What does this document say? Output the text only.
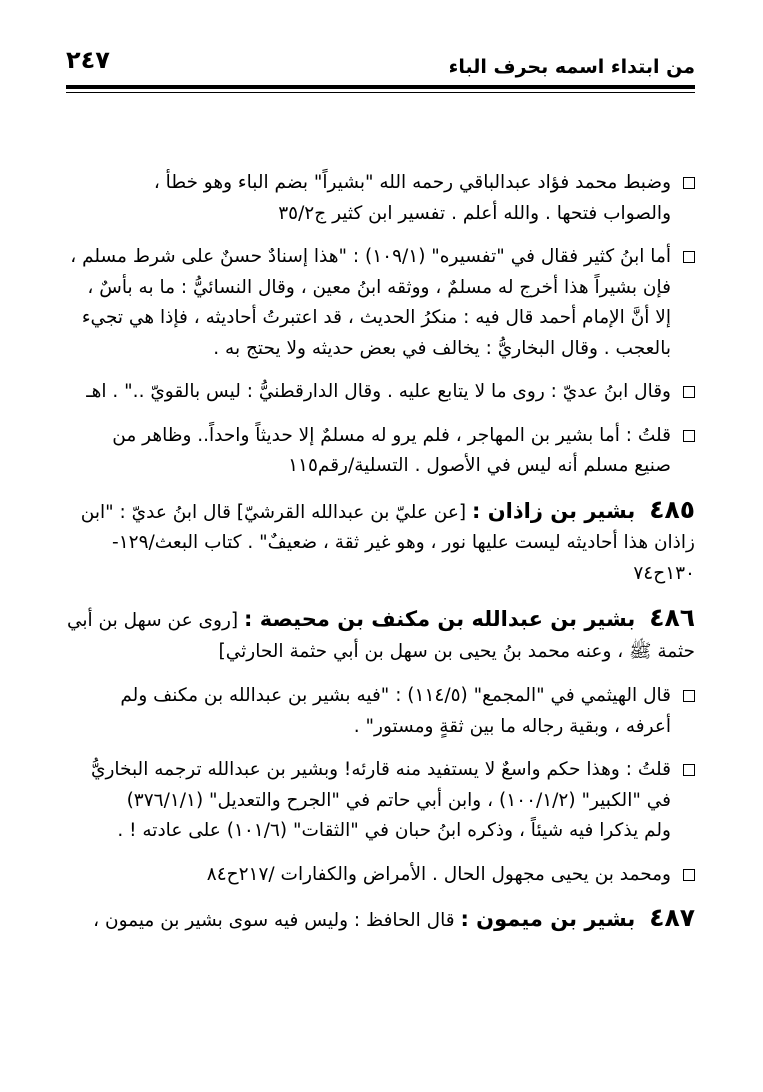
من ابتداء اسمه بحرف الباء
٢٤٧
وضبط محمد فؤاد عبدالباقي رحمه الله "بشيراً" بضم الباء وهو خطأ ،
والصواب فتحها . والله أعلم . تفسير ابن كثير ج٣٥/٢
أما ابنُ كثير فقال في "تفسيره" (١٠٩/١) : "هذا إسنادٌ حسنٌ على شرط مسلم ،
فإن بشيراً هذا أخرج له مسلمٌ ، ووثقه ابنُ معين ، وقال النسائيُّ : ما به بأسٌ ،
إلا أنَّ الإمام أحمد قال فيه : منكرُ الحديث ، قد اعتبرتُ أحاديثه ، فإذا هي تجيء
بالعجب . وقال البخاريُّ : يخالف في بعض حديثه ولا يحتج به .
وقال ابنُ عديّ : روى ما لا يتابع عليه . وقال الدارقطنيُّ : ليس بالقويّ .." . اهـ
قلتُ : أما بشير بن المهاجر ، فلم يرو له مسلمٌ إلا حديثاً واحداً.. وظاهر من
صنيع مسلم أنه ليس في الأصول . التسلية/رقم١١٥
٤٨٥بشير بن زاذان : [عن عليّ بن عبدالله القرشيّ] قال ابنُ عديّ : "ابن
زاذان هذا أحاديثه ليست عليها نور ، وهو غير ثقة ، ضعيفٌ" . كتاب البعث/١٢٩-
١٣٠ح٧٤
٤٨٦بشير بن عبدالله بن مكنف بن محيصة : [روى عن سهل بن أبي
حثمة ﷺ ، وعنه محمد بنُ يحيى بن سهل بن أبي حثمة الحارثي]
قال الهيثمي في "المجمع" (١١٤/٥) : "فيه بشير بن عبدالله بن مكنف ولم
أعرفه ، وبقية رجاله ما بين ثقةٍ ومستور" .
قلتُ : وهذا حكم واسعٌ لا يستفيد منه قارئه! وبشير بن عبدالله ترجمه البخاريُّ
في "الكبير" (١٠٠/١/٢) ، وابن أبي حاتم في "الجرح والتعديل" (٣٧٦/١/١)
ولم يذكرا فيه شيئاً ، وذكره ابنُ حبان في "الثقات" (١٠١/٦) على عادته ! .
ومحمد بن يحيى مجهول الحال . الأمراض والكفارات /٢١٧ح٨٤
٤٨٧بشير بن ميمون : قال الحافظ : وليس فيه سوى بشير بن ميمون ،
